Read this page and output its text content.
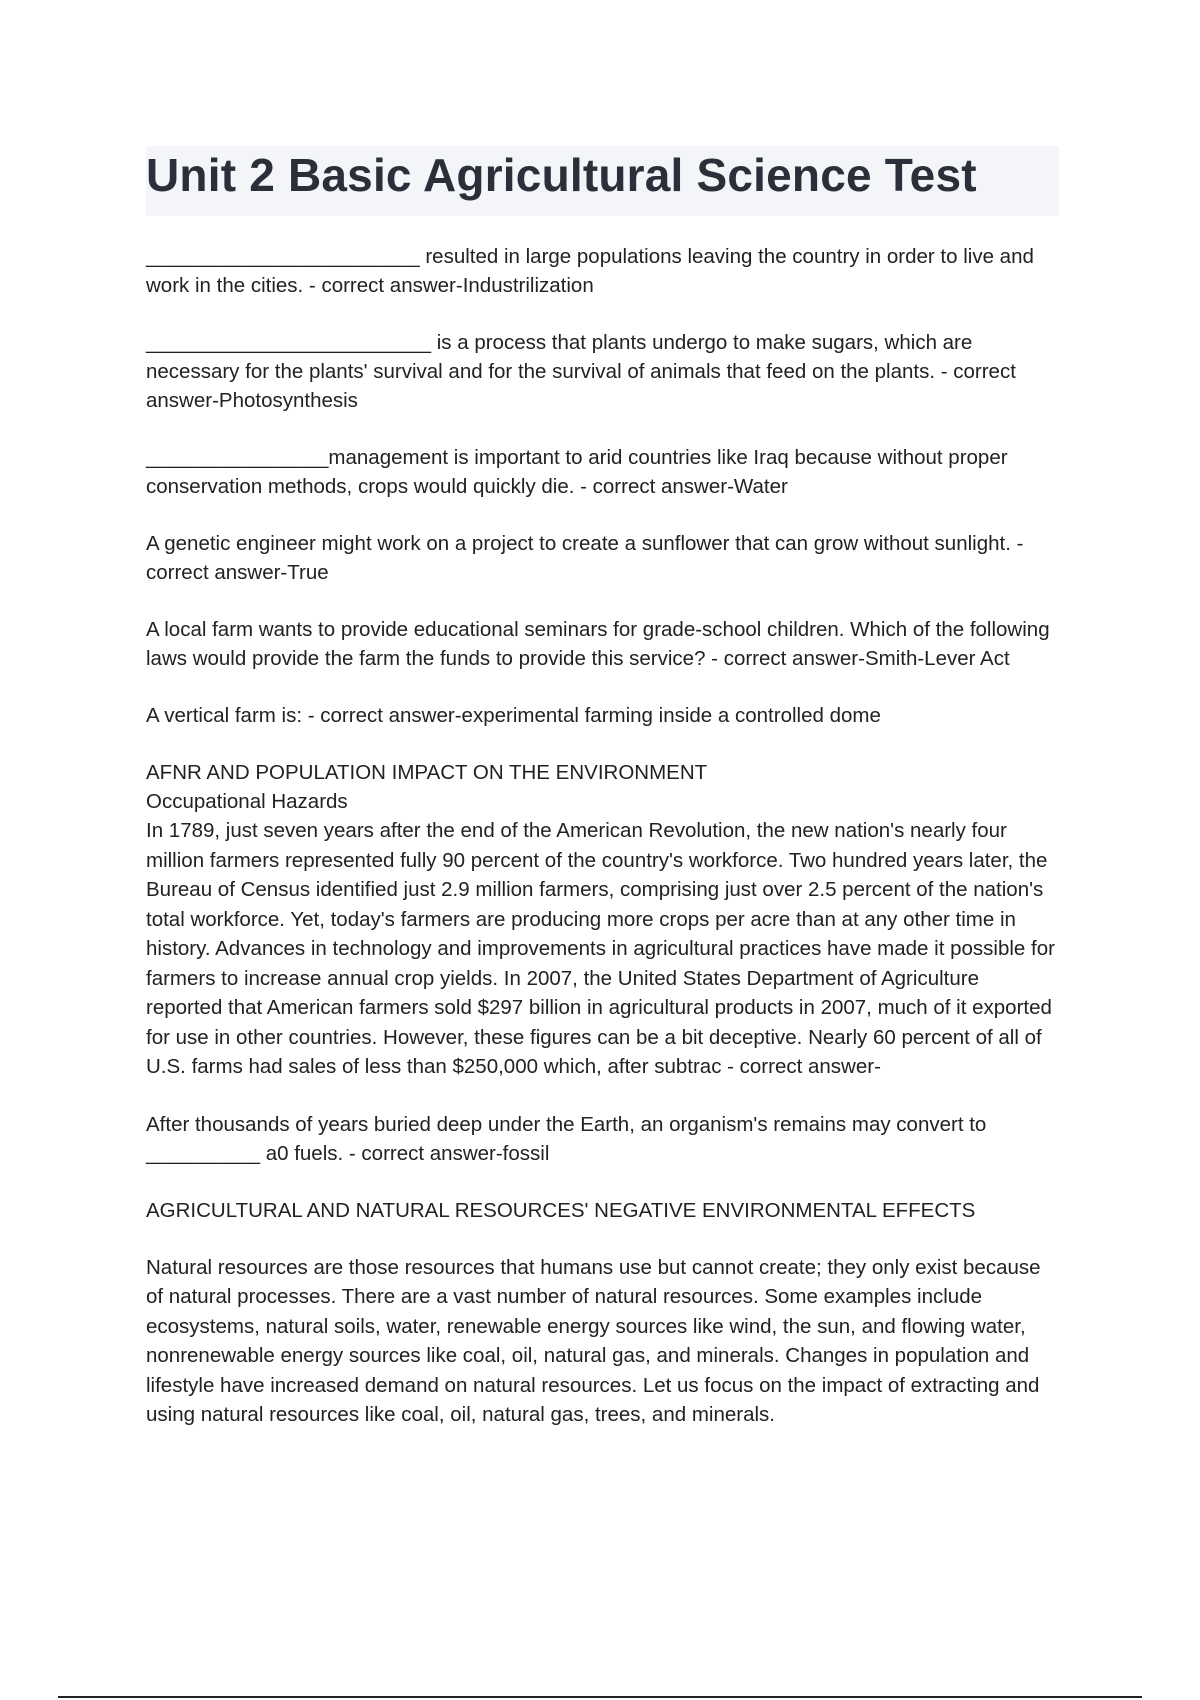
Unit 2 Basic Agricultural Science Test

________________________ resulted in large populations leaving the country in order to live and work in the cities. - correct answer-Industrilization

_________________________ is a process that plants undergo to make sugars, which are necessary for the plants' survival and for the survival of animals that feed on the plants. - correct answer-Photosynthesis

________________management is important to arid countries like Iraq because without proper conservation methods, crops would quickly die. - correct answer-Water

A genetic engineer might work on a project to create a sunflower that can grow without sunlight. - correct answer-True

A local farm wants to provide educational seminars for grade-school children. Which of the following laws would provide the farm the funds to provide this service? - correct answer-Smith-Lever Act

A vertical farm is: - correct answer-experimental farming inside a controlled dome

AFNR AND POPULATION IMPACT ON THE ENVIRONMENT

Occupational Hazards

In 1789, just seven years after the end of the American Revolution, the new nation's nearly four million farmers represented fully 90 percent of the country's workforce. Two hundred years later, the Bureau of Census identified just 2.9 million farmers, comprising just over 2.5 percent of the nation's total workforce. Yet, today's farmers are producing more crops per acre than at any other time in history. Advances in technology and improvements in agricultural practices have made it possible for farmers to increase annual crop yields. In 2007, the United States Department of Agriculture reported that American farmers sold $297 billion in agricultural products in 2007, much of it exported for use in other countries. However, these figures can be a bit deceptive. Nearly 60 percent of all of U.S. farms had sales of less than $250,000 which, after subtrac - correct answer-

After thousands of years buried deep under the Earth, an organism's remains may convert to
__________ a0 fuels. - correct answer-fossil

AGRICULTURAL AND NATURAL RESOURCES' NEGATIVE ENVIRONMENTAL EFFECTS

Natural resources are those resources that humans use but cannot create; they only exist because of natural processes. There are a vast number of natural resources. Some examples include ecosystems, natural soils, water, renewable energy sources like wind, the sun, and flowing water, nonrenewable energy sources like coal, oil, natural gas, and minerals. Changes in population and lifestyle have increased demand on natural resources. Let us focus on the impact of extracting and using natural resources like coal, oil, natural gas, trees, and minerals.
